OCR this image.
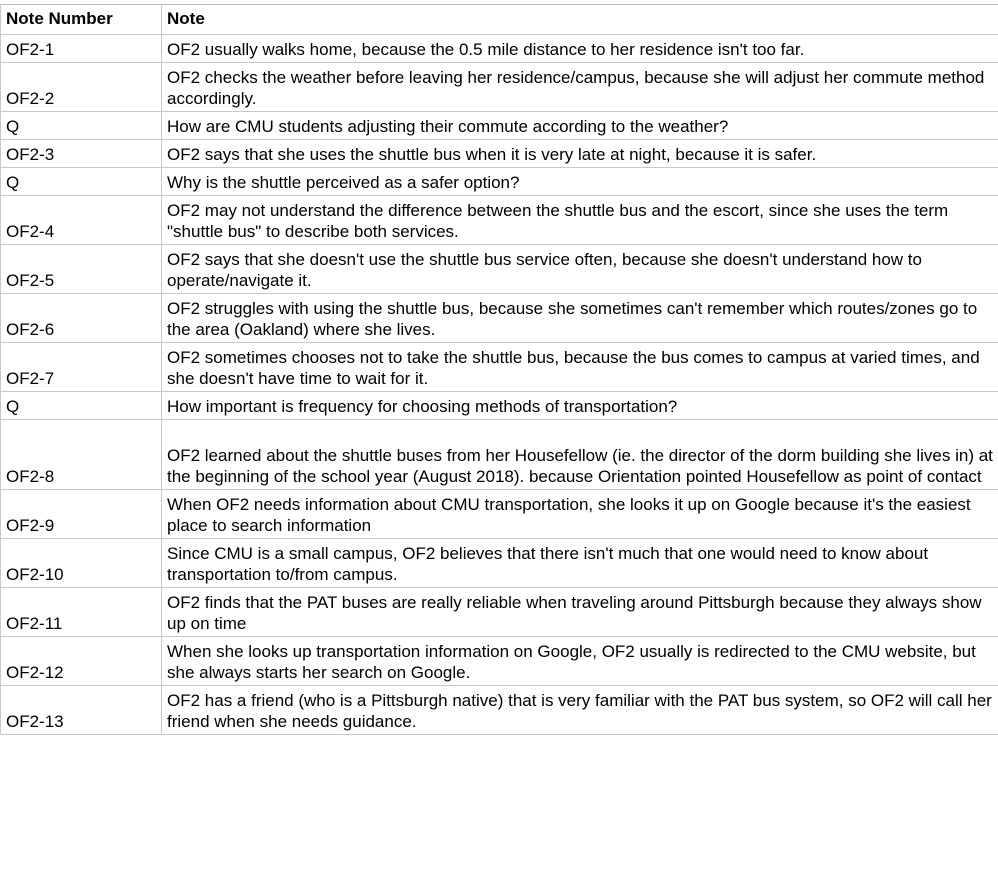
Note Number	Note
OF2-1	OF2 usually walks home, because the 0.5 mile distance to her residence isn't too far.
OF2-2	OF2 checks the weather before leaving her residence/campus, because she will adjust her commute method accordingly.
Q	How are CMU students adjusting their commute according to the weather?
OF2-3	OF2 says that she uses the shuttle bus when it is very late at night, because it is safer.
Q	Why is the shuttle perceived as a safer option?
OF2-4	OF2 may not understand the difference between the shuttle bus and the escort, since she uses the term "shuttle bus" to describe both services.
OF2-5	OF2 says that she doesn't use the shuttle bus service often, because she doesn't understand how to operate/navigate it.
OF2-6	OF2 struggles with using the shuttle bus, because she sometimes can't remember which routes/zones go to the area (Oakland) where she lives.
OF2-7	OF2 sometimes chooses not to take the shuttle bus, because the bus comes to campus at varied times, and she doesn't have time to wait for it.
Q	How important is frequency for choosing methods of transportation?
OF2-8	OF2 learned about the shuttle buses from her Housefellow (ie. the director of the dorm building she lives in) at the beginning of the school year (August 2018). because Orientation pointed Housefellow as point of contact
OF2-9	When OF2 needs information about CMU transportation, she looks it up on Google because it's the easiest place to search information
OF2-10	Since CMU is a small campus, OF2 believes that there isn't much that one would need to know about transportation to/from campus.
OF2-11	OF2 finds that the PAT buses are really reliable when traveling around Pittsburgh because they always show up on time
OF2-12	When she looks up transportation information on Google, OF2 usually is redirected to the CMU website, but she always starts her search on Google.
OF2-13	OF2 has a friend (who is a Pittsburgh native) that is very familiar with the PAT bus system, so OF2 will call her friend when she needs guidance.
